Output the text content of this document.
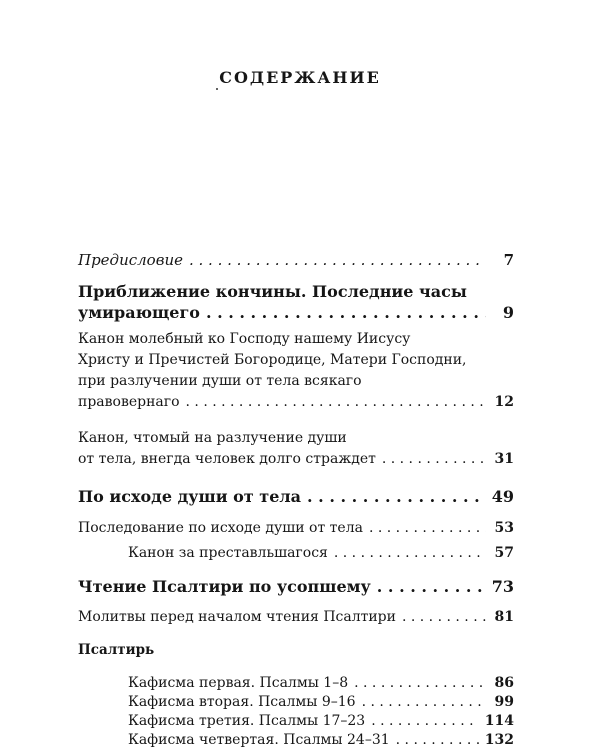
СОДЕРЖАНИЕ
Предисловие . . .	7
Приближение кончины. Последние часы
умирающего . . .	9
Канон молебный ко Господу нашему Иисусу
Христу и Пречистей Богородице, Матери Господни,
при разлучении души от тела всякаго
правовернаго . . .	12
Канон, чтомый на разлучение души
от тела, внегда человек долго страждет . . .	31
По исходе души от тела . . .	49
Последование по исходе души от тела . . .	53
Канон за преставльшагося . . .	57
Чтение Псалтири по усопшему . . .	73
Молитвы перед началом чтения Псалтири . . .	81
Псалтирь
Кафисма первая. Псалмы 1–8 . . .	86
Кафисма вторая. Псалмы 9–16 . . .	99
Кафисма третия. Псалмы 17–23 . . .	114
Кафисма четвертая. Псалмы 24–31 . . .	132
